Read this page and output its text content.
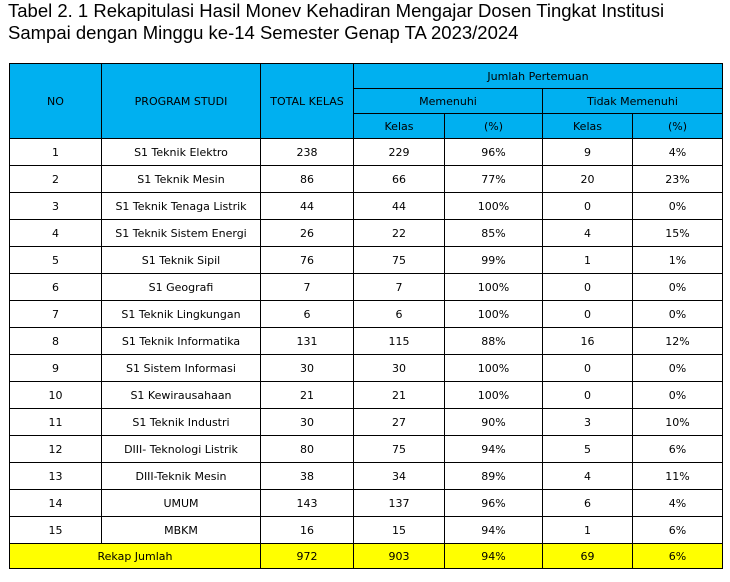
Tabel 2. 1 Rekapitulasi Hasil Monev Kehadiran Mengajar Dosen Tingkat Institusi
Sampai dengan Minggu ke-14 Semester Genap TA 2023/2024
NO	PROGRAM STUDI	TOTAL KELAS	Jumlah Pertemuan			
			Memenuhi		Tidak Memenuhi	
			Kelas	(%)	Kelas	(%)
1	S1 Teknik Elektro	238	229	96%	9	4%
2	S1 Teknik Mesin	86	66	77%	20	23%
3	S1 Teknik Tenaga Listrik	44	44	100%	0	0%
4	S1 Teknik Sistem Energi	26	22	85%	4	15%
5	S1 Teknik Sipil	76	75	99%	1	1%
6	S1 Geografi	7	7	100%	0	0%
7	S1 Teknik Lingkungan	6	6	100%	0	0%
8	S1 Teknik Informatika	131	115	88%	16	12%
9	S1 Sistem Informasi	30	30	100%	0	0%
10	S1 Kewirausahaan	21	21	100%	0	0%
11	S1 Teknik Industri	30	27	90%	3	10%
12	DIII- Teknologi Listrik	80	75	94%	5	6%
13	DIII-Teknik Mesin	38	34	89%	4	11%
14	UMUM	143	137	96%	6	4%
15	MBKM	16	15	94%	1	6%
Rekap Jumlah		972	903	94%	69	6%
